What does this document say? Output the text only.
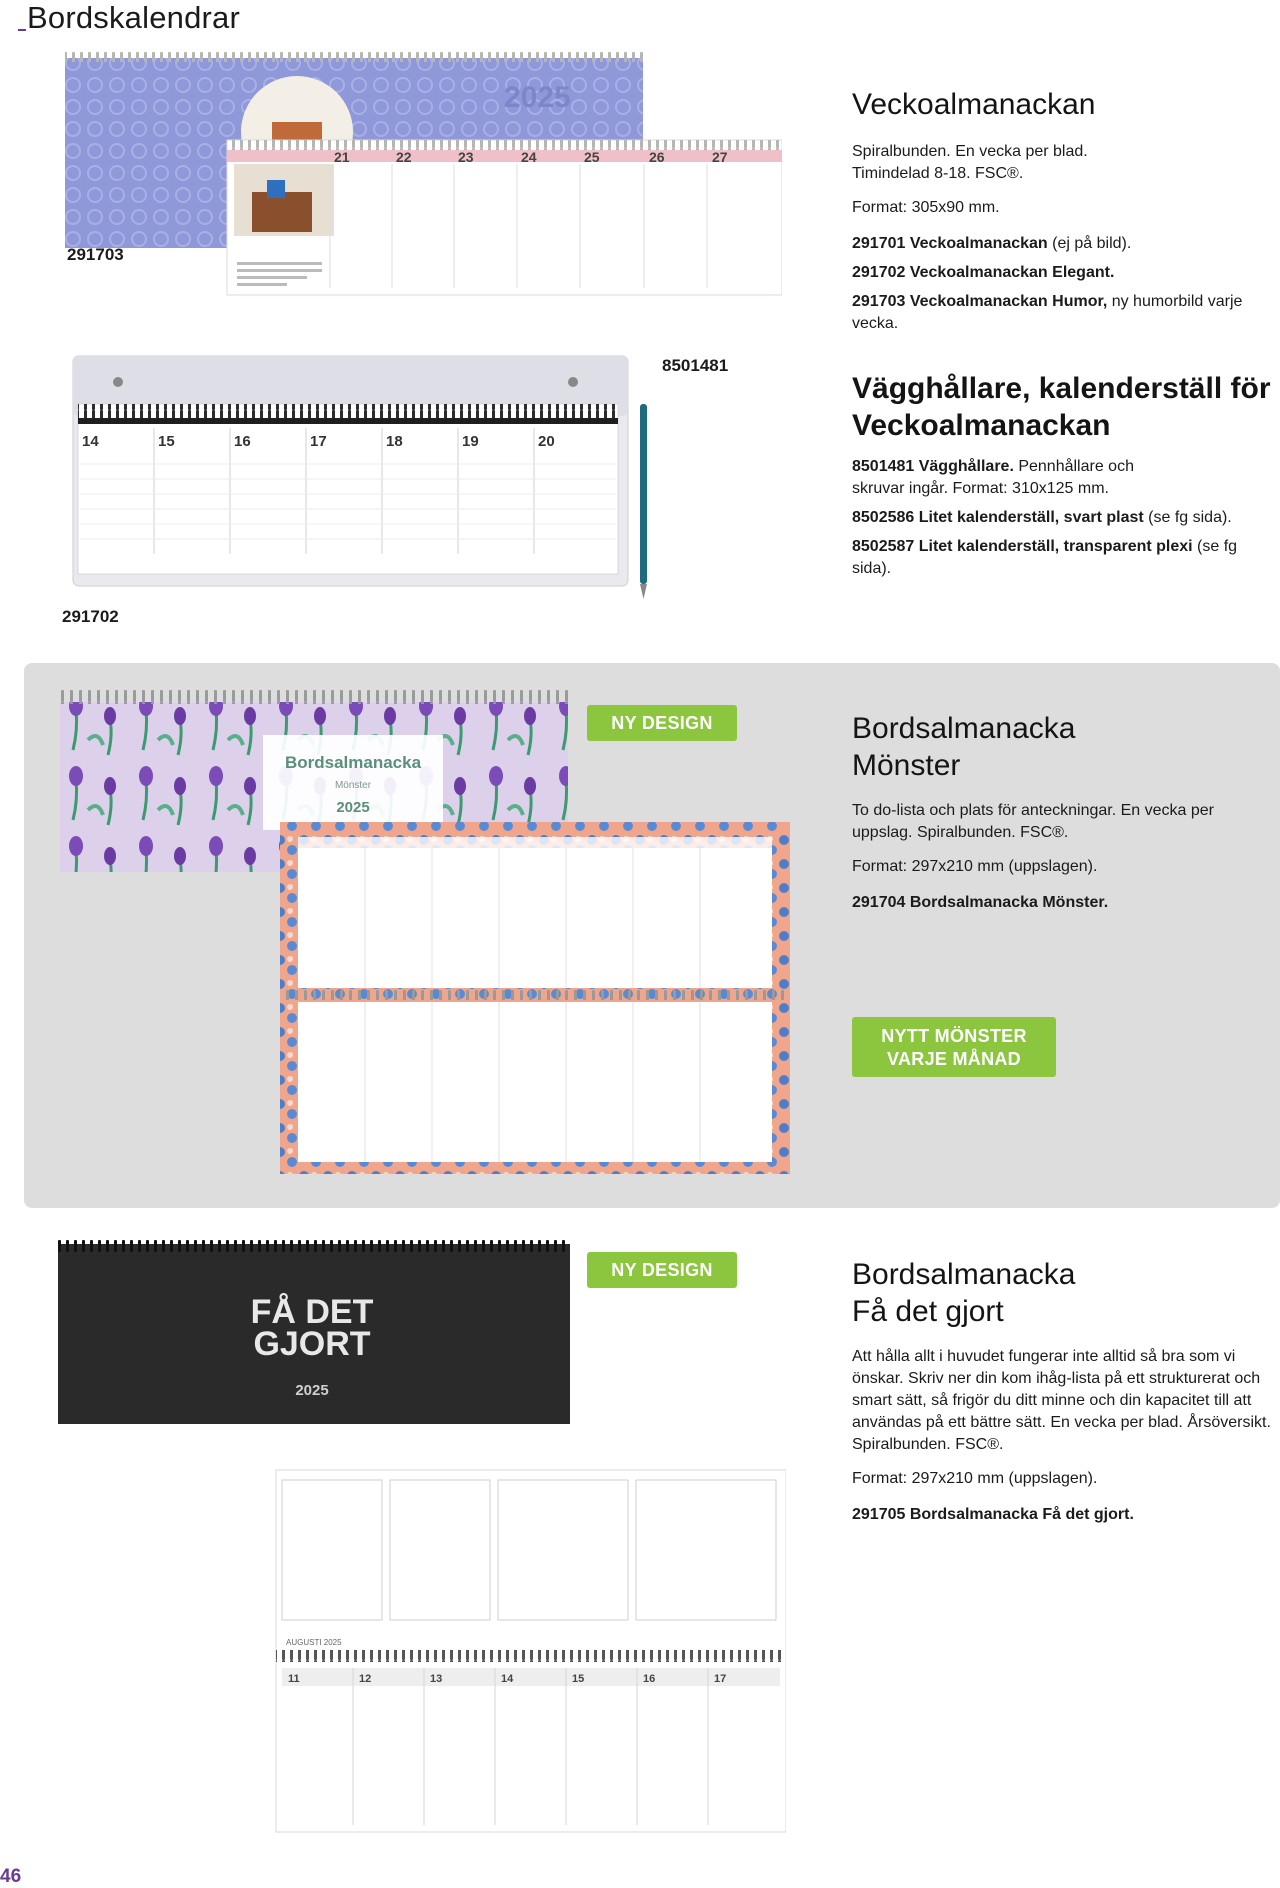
Bordskalendrar
2025
21	22	23	24	25	26	27
291703
14	15	16	17	18	19	20
8501481
291702
Veckoalmanackan

Spiralbunden. En vecka per blad. Timindelad 8-18. FSC®.

Format: 305x90 mm.

291701 Veckoalmanackan (ej på bild).

291702 Veckoalmanackan Elegant.

291703 Veckoalmanackan Humor, ny humorbild varje vecka.

Vägghållare, kalenderställ för Veckoalmanackan

8501481 Vägghållare. Pennhållare och skruvar ingår. Format: 310x125 mm.

8502586 Litet kalenderställ, svart plast (se fg sida).

8502587 Litet kalenderställ, transparent plexi (se fg sida).

Bordsalmanacka
Mönster
2025
NY DESIGN	Bordsalmanacka
Mönster

To do-lista och plats för anteckningar. En vecka per uppslag. Spiralbunden. FSC®.

Format: 297x210 mm (uppslagen).

291704 Bordsalmanacka Mönster.

NYTT MÖNSTER
VARJE MÅNAD
FÅ DET
GJORT
2025
AUGUSTI 2025
11	12	13	14	15	16	17
NY DESIGN	Bordsalmanacka
Få det gjort

Att hålla allt i huvudet fungerar inte alltid så bra som vi önskar. Skriv ner din kom ihåg-lista på ett strukturerat och smart sätt, så frigör du ditt minne och din kapacitet till att användas på ett bättre sätt. En vecka per blad. Årsöversikt. Spiralbunden. FSC®.

Format: 297x210 mm (uppslagen).

291705 Bordsalmanacka Få det gjort.

46
